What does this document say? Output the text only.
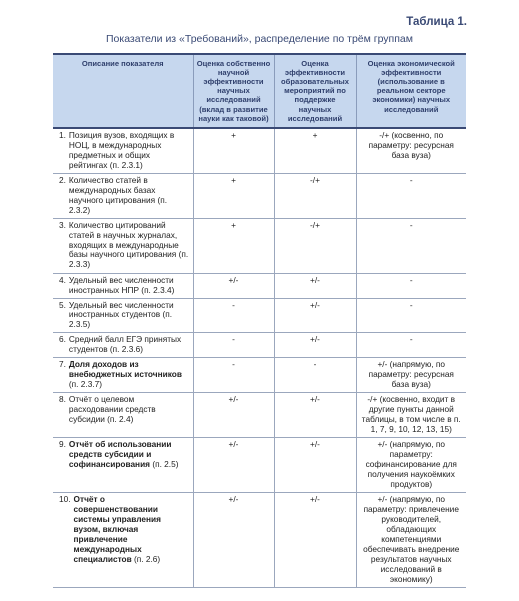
Таблица 1.
Показатели из «Требований», распределение по трём группам
Описание показателя	Оценка собственно научной эффективности научных исследований (вклад в развитие науки как таковой)	Оценка эффективности образовательных мероприятий по поддержке научных исследований	Оценка экономической эффективности (использование в реальном секторе экономики) научных исследований

1. Позиция вузов, входящих в НОЦ, в международных предметных и общих рейтингах (п. 2.3.1)	+	+	-/+ (косвенно, по параметру: ресурсная база вуза)

2. Количество статей в международных базах научного цитирования (п. 2.3.2)	+	-/+	-

3. Количество цитирований статей в научных журналах, входящих в международные базы научного цитирования (п. 2.3.3)	+	-/+	-

4. Удельный вес численности иностранных НПР (п. 2.3.4)	+/-	+/-	-

5. Удельный вес численности иностранных студентов (п. 2.3.5)	-	+/-	-

6. Средний балл ЕГЭ принятых студентов (п. 2.3.6)	-	+/-	-

7. Доля доходов из внебюджетных источников (п. 2.3.7)	-	-	+/- (напрямую, по параметру: ресурсная база вуза)

8. Отчёт о целевом расходовании средств субсидии (п. 2.4)	+/-	+/-	-/+ (косвенно, входит в другие пункты данной таблицы, в том числе в п. 1, 7, 9, 10, 12, 13, 15)

9. Отчёт об использовании средств субсидии и софинансирования (п. 2.5)	+/-	+/-	+/- (напрямую, по параметру: софинансирование для получения наукоёмких продуктов)

10. Отчёт о совершенствовании системы управления вузом, включая привлечение международных специалистов (п. 2.6)	+/-	+/-	+/- (напрямую, по параметру: привлечение руководителей, обладающих компетенциями обеспечивать внедрение результатов научных исследований в экономику)
